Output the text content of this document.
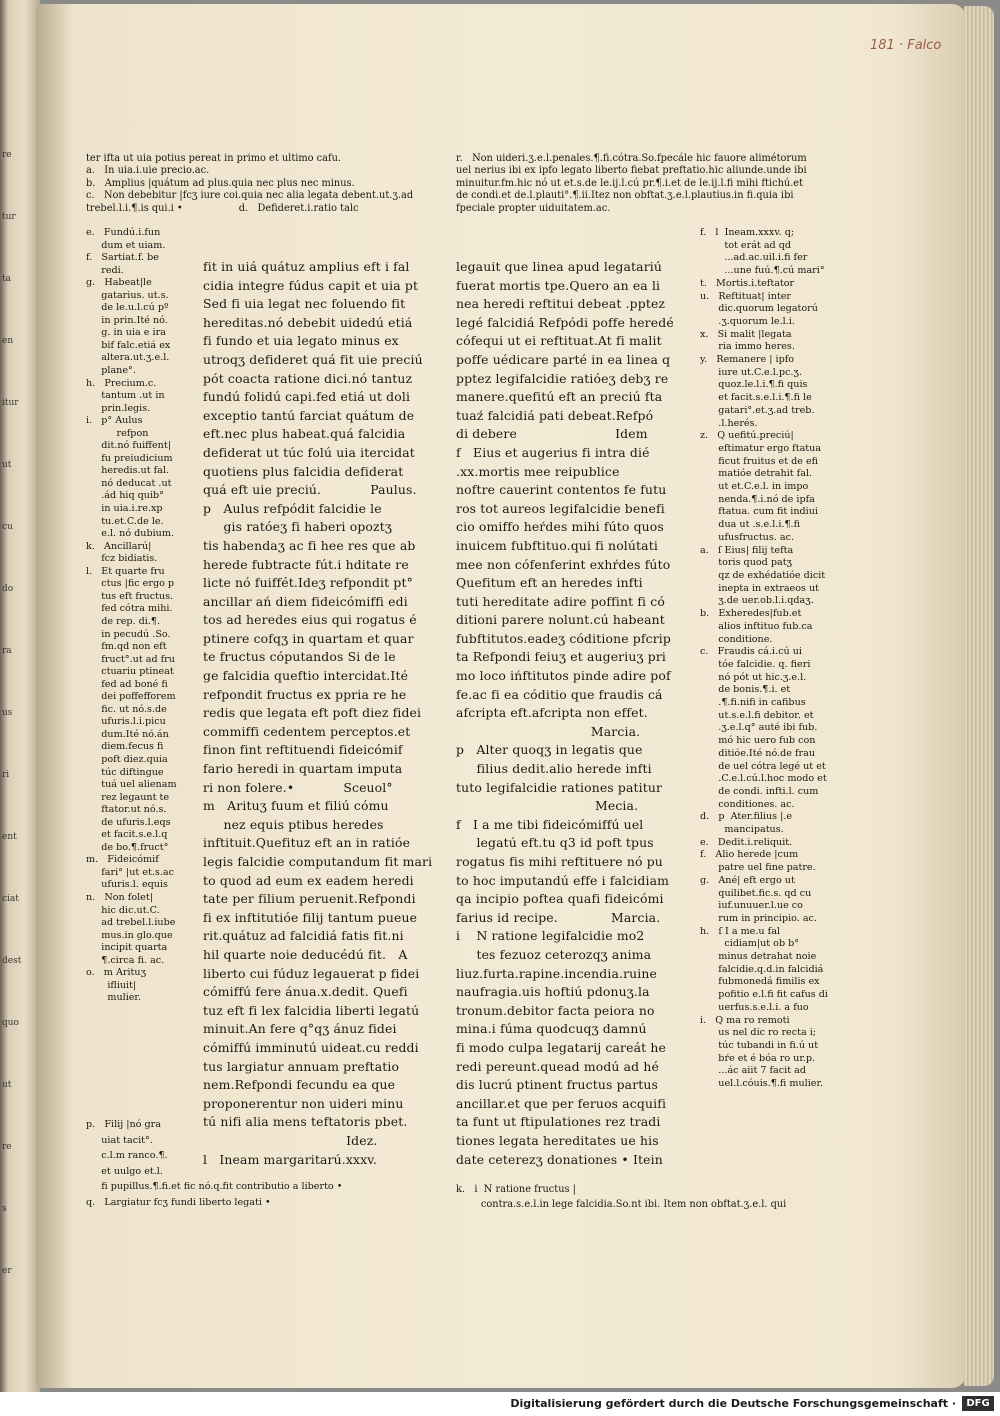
re
tur
ta
en
itur
ut
cu
do
ra
us
ri
ent
ciat
dest
quo
ut
re
s
er
181 · Falco
ter ifta ut uia potius pereat in primo et ultimo cafu.
a.   In uia.i.uie precio.ac.
b.   Amplius |quátum ad plus.quia nec plus nec minus.
c.   Non debebitur |fcʒ iure coi.quia nec alia legata debent.ut.ʒ.ad
trebel.l.i.¶.is qui.i •                  d.   Defideret.i.ratio talc
r.   Non uideri.ʒ.e.l.penales.¶.fi.cótra.So.fpecále hic fauore alimétorum
uel nerius ibi ex ipfo legato liberto fiebat preftatio.hic aliunde.unde ibi
minuitur.fm.hic nó ut et.s.de le.ij.l.cú pr.¶.i.et de le.ij.l.fi mihi ftichú.et
de condi.et de.l.plauti°.¶.ii.Itez non obftat.ʒ.e.l.plautius.in fi.quia ibi
fpeciale propter uiduitatem.ac.
e.   Fundú.i.fun
dum et uiam.
f.   Sartiat.f. be
redi.
g.   Habeat|le
gatarius. ut.s.
de le.u.l.cú pº
in prin.Ité nó.
g. in uia e ira
bif falc.etiá ex
altera.ut.ʒ.e.l.
plane°.
h.   Precium.c.
tantum .ut in
prin.legis.
i.   p° Aulus
refpon
dit.nó fuiffent|
fu preiudicium
heredis.ut fal.
nó deducat .ut
.ád hiq quib°
in uia.i.re.xp
tu.et.C.de le.
e.l. nó dubium.
k.   Ancillarú|
fcz bidiatis.
l.   Et quarte fru
ctus |fic ergo p
tus eft fructus.
fed cótra mihi.
de rep. di.¶.
in pecudú .So.
fm.qd non eft
fruct°.ut ad fru
ctuariu ptineat
fed ad boné fi
dei poffefforem
fic. ut nó.s.de
ufuris.l.i.picu
dum.Ité nó.án
diem.fecus fi
poft diez.quia
túc diftingue
tuá uel alienam
rez legaunt te
ftator.ut nó.s.
de ufuris.l.eqs
et facit.s.e.l.q
de bo.¶.fruct°
m.   Fideicómif
fari° |ut et.s.ac
ufuris.l. equis
n.   Non folet|
hic dic.ut.C.
ad trebel.l.iube
mus.in glo.que
incipit quarta
¶.circa fi. ac.
o.   m Arituʒ
ifliuit|
mulier.
p.   Filij |nó gra
uiat tacit°.
c.l.m ranco.¶.
et uulgo et.l.
fi pupillus.¶.fi.et fic nó.q.fit contributio a liberto •
q.   Largiatur fcʒ fundi liberto legati •
fit in uiá quátuz amplius eft i fal
cidia integre fúdus capit et uia pt
Sed fi uia legat nec foluendo fit
hereditas.nó debebit uidedú etiá
fi fundo et uia legato minus ex
utroqʒ defideret quá fit uie preciú
pót coacta ratione dici.nó tantuz
fundú folidú capi.fed etiá ut doli
exceptio tantú farciat quátum de
eft.nec plus habeat.quá falcidia
defiderat ut túc folú uia itercidat
quotiens plus falcidia defiderat
quá eft uie preciú.            Paulus.
p   Aulus refpódit falcidie le
gis ratóeʒ fi haberi opoztʒ
tis habendaʒ ac fi hee res que ab
herede fubtracte fút.i hditate re
licte nó fuiffét.Ideʒ refpondit pt°
ancillar ań diem fideicómiffi edi
tos ad heredes eius qui rogatus é
ptinere cofqʒ in quartam et quar
te fructus cóputandos Si de le
ge falcidia queftio intercidat.Ité
refpondit fructus ex ppria re he
redis que legata eft poft diez fidei
commiffi cedentem perceptos.et
finon fint reftituendi fideicómif
fario heredi in quartam imputa
ri non folere.•            Sceuol°
m   Arituʒ fuum et filiú cómu
nez equis ptibus heredes
inftituit.Quefituz eft an in ratióe
legis falcidie computandum fit mari
to quod ad eum ex eadem heredi
tate per filium peruenit.Refpondi
fi ex inftitutióe filij tantum pueue
rit.quátuz ad falcidiá fatis fit.ni
hil quarte noie deducédú fit.   A
liberto cui fúduz legauerat p fidei
cómiffú fere ánua.x.dedit. Quefi
tuz eft fi lex falcidia liberti legatú
minuit.An fere q°qʒ ánuz fidei
cómiffú imminutú uideat.cu reddi
tus largiatur annuam preftatio
nem.Refpondi fecundu ea que
proponerentur non uideri minu
tú nifi alia mens teftatoris pbet.
Idez.
l   Ineam margaritarú.xxxv.
legauit que linea apud legatariú
fuerat mortis tpe.Quero an ea li
nea heredi reftitui debeat .pptez
legé falcidiá Refpódi poffe heredé
cófequi ut ei reftituat.At fi malit
poffe uédicare parté in ea linea q
pptez legifalcidie ratióeʒ debʒ re
manere.quefitú eft an preciú fta
tuaź falcidiá pati debeat.Refpó
di debere                        Idem
f   Eius et augerius fi intra dié
.xx.mortis mee reipublice
noftre cauerint contentos fe futu
ros tot aureos legifalcidie benefi
cio omiffo heŕdes mihi fúto quos
inuicem fubftituo.qui fi nolútati
mee non cófenferint exhŕdes fúto
Quefitum eft an heredes infti
tuti hereditate adire poffint fi có
ditioni parere nolunt.cú habeant
fubftitutos.eadeʒ códitione pfcrip
ta Refpondi feiuʒ et augeriuʒ pri
mo loco ińftitutos pinde adire pof
fe.ac fi ea códitio que fraudis cá
afcripta eft.afcripta non effet.
Marcia.
p   Alter quoqʒ in legatis que
filius dedit.alio herede infti
tuto legifalcidie rationes patitur
Mecia.
f   I a me tibi fideicómiffú uel
legatú eft.tu q3 id poft tpus
rogatus fis mihi reftituere nó pu
to hoc imputandú effe i falcidiam
qa incipio poftea quafi fideicómi
farius id recipe.             Marcia.
i    N ratione legifalcidie mo2
tes fezuoz ceterozqʒ anima
liuz.furta.rapine.incendia.ruine
naufragia.uis hoftiú pdonuʒ.la
tronum.debitor facta peiora no
mina.i fúma quodcuqʒ damnú
fi modo culpa legatarij careát he
redi pereunt.quead modú ad hé
dis lucrú ptinent fructus partus
ancillar.et que per feruos acquifi
ta funt ut ftipulationes rez tradi
tiones legata hereditates ue his
date ceterezʒ donationes • Itein
f.   l  Ineam.xxxv. q;
tot erát ad qd
...ad.ac.uil.i.fi fer
...une fuú.¶.cú mari°
t.   Mortis.i.teftator
u.   Reftituat| inter
dic.quorum legatorú
.ʒ.quorum le.l.i.
x.   Si malit |legata
ria immo heres.
y.   Remanere | ipfo
iure ut.C.e.l.pc.ʒ.
quoz.le.l.i.¶.fi quis
et facit.s.e.l.i.¶.fi le
gatari°.et.ʒ.ad treb.
.l.herés.
z.   Q uefitú.preciú|
eftimatur ergo ftatua
ficut fruitus et de efi
matióe detrahit fal.
ut et.C.e.l. in impo
nenda.¶.i.nó de ipfa
ftatua. cum fit indiui
dua ut .s.e.l.i.¶.fi
ufusfructus. ac.
a.   ſ Eius| filij tefta
toris quod patʒ
qz de exhédatióe dicit
inepta in extraeos ut
ʒ.de uer.ob.l.i.qdaʒ.
b.   Exheredes|fub.et
alios inftituo fub.ca
conditione.
c.   Fraudis cá.i.cú ui
tóe falcidie. q. fieri
nó pót ut hic.ʒ.e.l.
de bonis.¶.i. et
.¶.fi.nifi in cafibus
ut.s.e.l.fi debitor. et
.ʒ.e.l.q° auté ibi fub.
mó hic uero fub con
ditióe.Ité nó.de frau
de uel cótra legé ut et
.C.e.l.cú.l.hoc modo et
de condi. infti.l. cum
conditiones. ac.
d.   p  Ater.filius |.e
mancipatus.
e.   Dedit.i.reliquit.
f.   Alio herede |cum
patre uel fine patre.
g.   Ané| eft ergo ut
quilibet.fic.s. qd cu
iuf.unuuer.l.ue co
rum in principio. ac.
h.   ſ I a me.u fal
cidiam|ut ob b°
minus detrahat noie
falcidie.q.d.in falcidiá
fubmonedá fimilis ex
pofitio e.l.fi fit cafus di
uerfus.s.e.l.i. a fuo
i.   Q ma ro remoti
us nel dic ro recta i;
túc tubandi in fi.ú ut
bŕe et é bóa ro ur.p.
...ác aiit 7 facit ad
uel.l.cóuis.¶.fi mulier.
k.   i  N ratione fructus |
contra.s.e.l.in lege falcidia.So.nt ibi. Item non obftat.ʒ.e.l. qui
Digitalisierung gefördert durch die Deutsche Forschungsgemeinschaft ·	DFG
